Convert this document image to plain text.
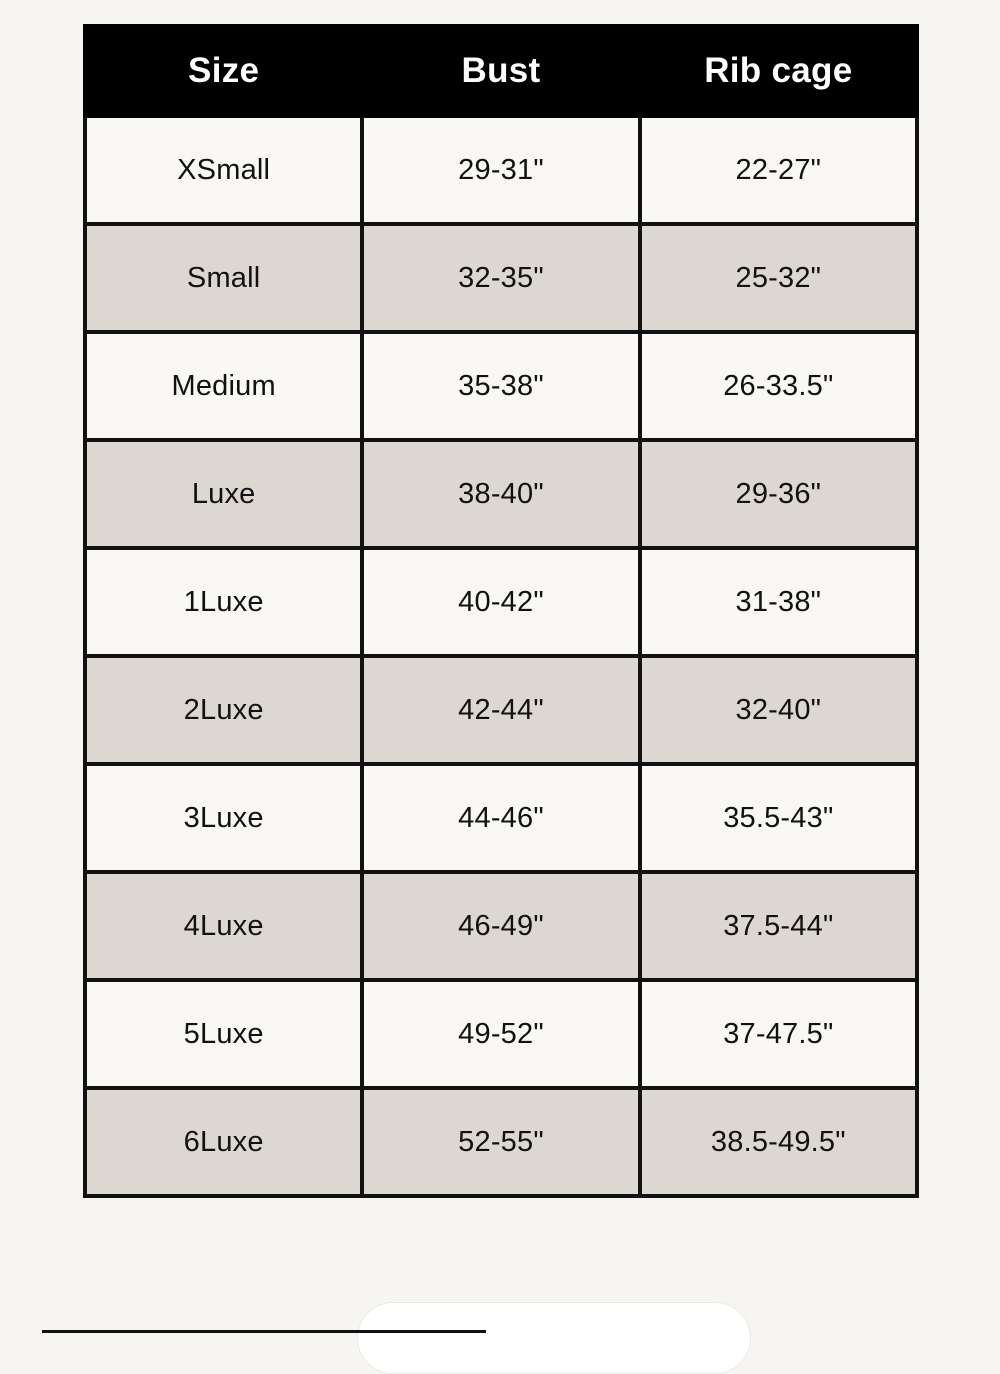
Size	Bust	Rib cage
XSmall	29-31"	22-27"
Small	32-35"	25-32"
Medium	35-38"	26-33.5"
Luxe	38-40"	29-36"
1Luxe	40-42"	31-38"
2Luxe	42-44"	32-40"
3Luxe	44-46"	35.5-43"
4Luxe	46-49"	37.5-44"
5Luxe	49-52"	37-47.5"
6Luxe	52-55"	38.5-49.5"
